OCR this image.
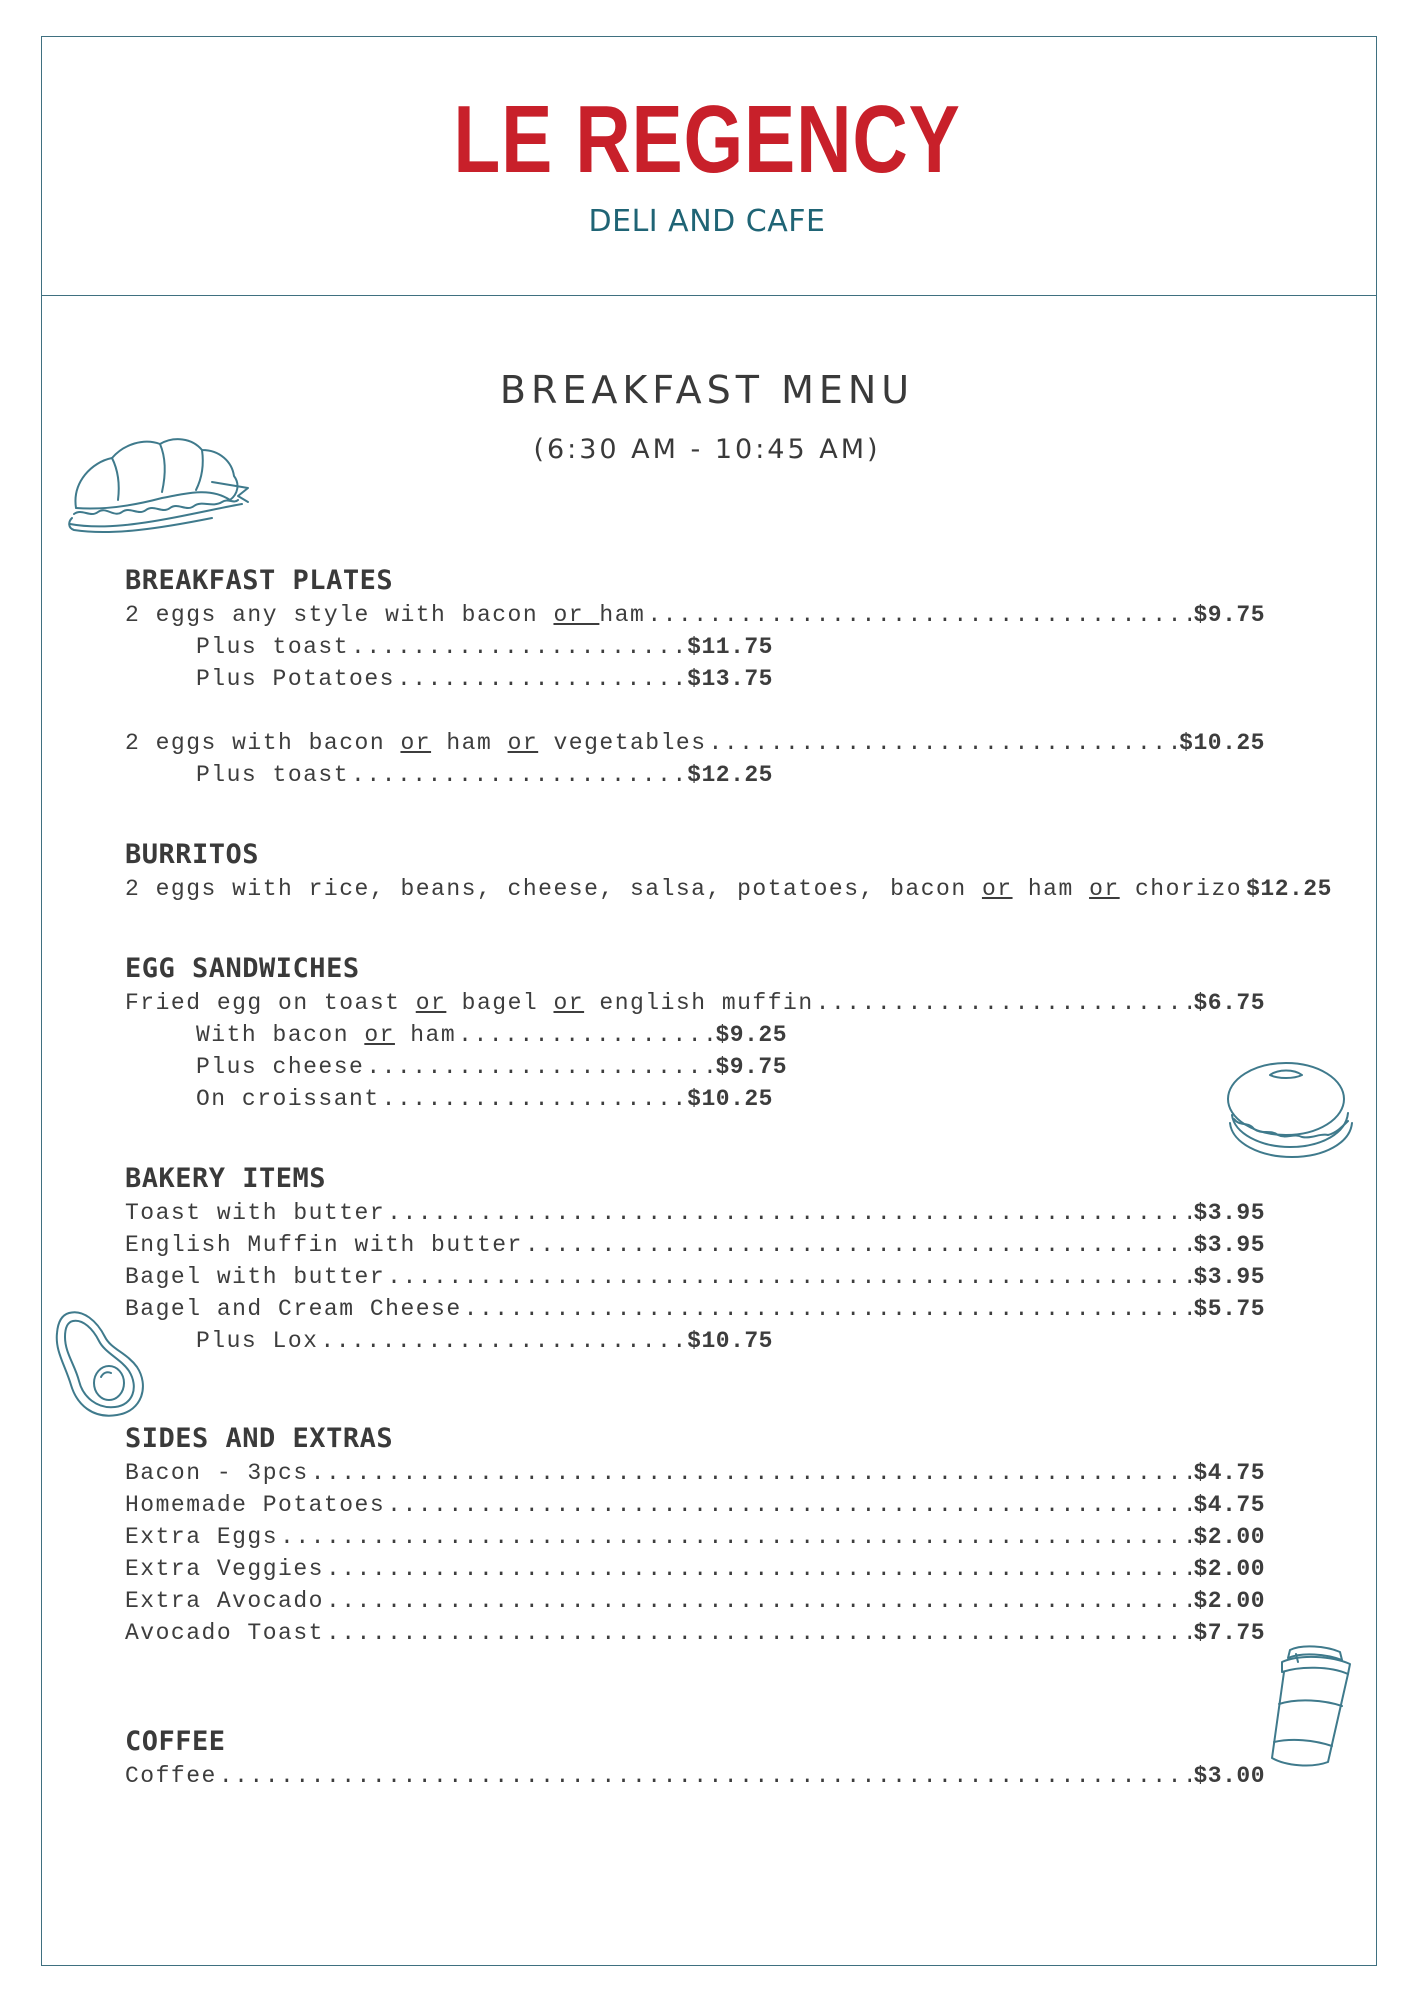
LE REGENCY
DELI AND CAFE
BREAKFAST MENU
(6:30 AM - 10:45 AM)
BREAKFAST PLATES
2 eggs any style with bacon or ham .....	$9.75
Plus toast .....	$11.75
Plus Potatoes .....	$13.75
2 eggs with bacon or ham or vegetables .....	$10.25
Plus toast .....	$12.25
BURRITOS
2 eggs with rice, beans, cheese, salsa, potatoes, bacon or ham or chorizo $12.25
EGG SANDWICHES
Fried egg on toast or bagel or english muffin .....	$6.75
With bacon or ham .....	$9.25
Plus cheese .....	$9.75
On croissant .....	$10.25
BAKERY ITEMS
Toast with butter .....	$3.95
English Muffin with butter .....	$3.95
Bagel with butter .....	$3.95
Bagel and Cream Cheese .....	$5.75
Plus Lox .....	$10.75
SIDES AND EXTRAS
Bacon - 3pcs .....	$4.75
Homemade Potatoes .....	$4.75
Extra Eggs .....	$2.00
Extra Veggies .....	$2.00
Extra Avocado .....	$2.00
Avocado Toast .....	$7.75
COFFEE
Coffee .....	$3.00
